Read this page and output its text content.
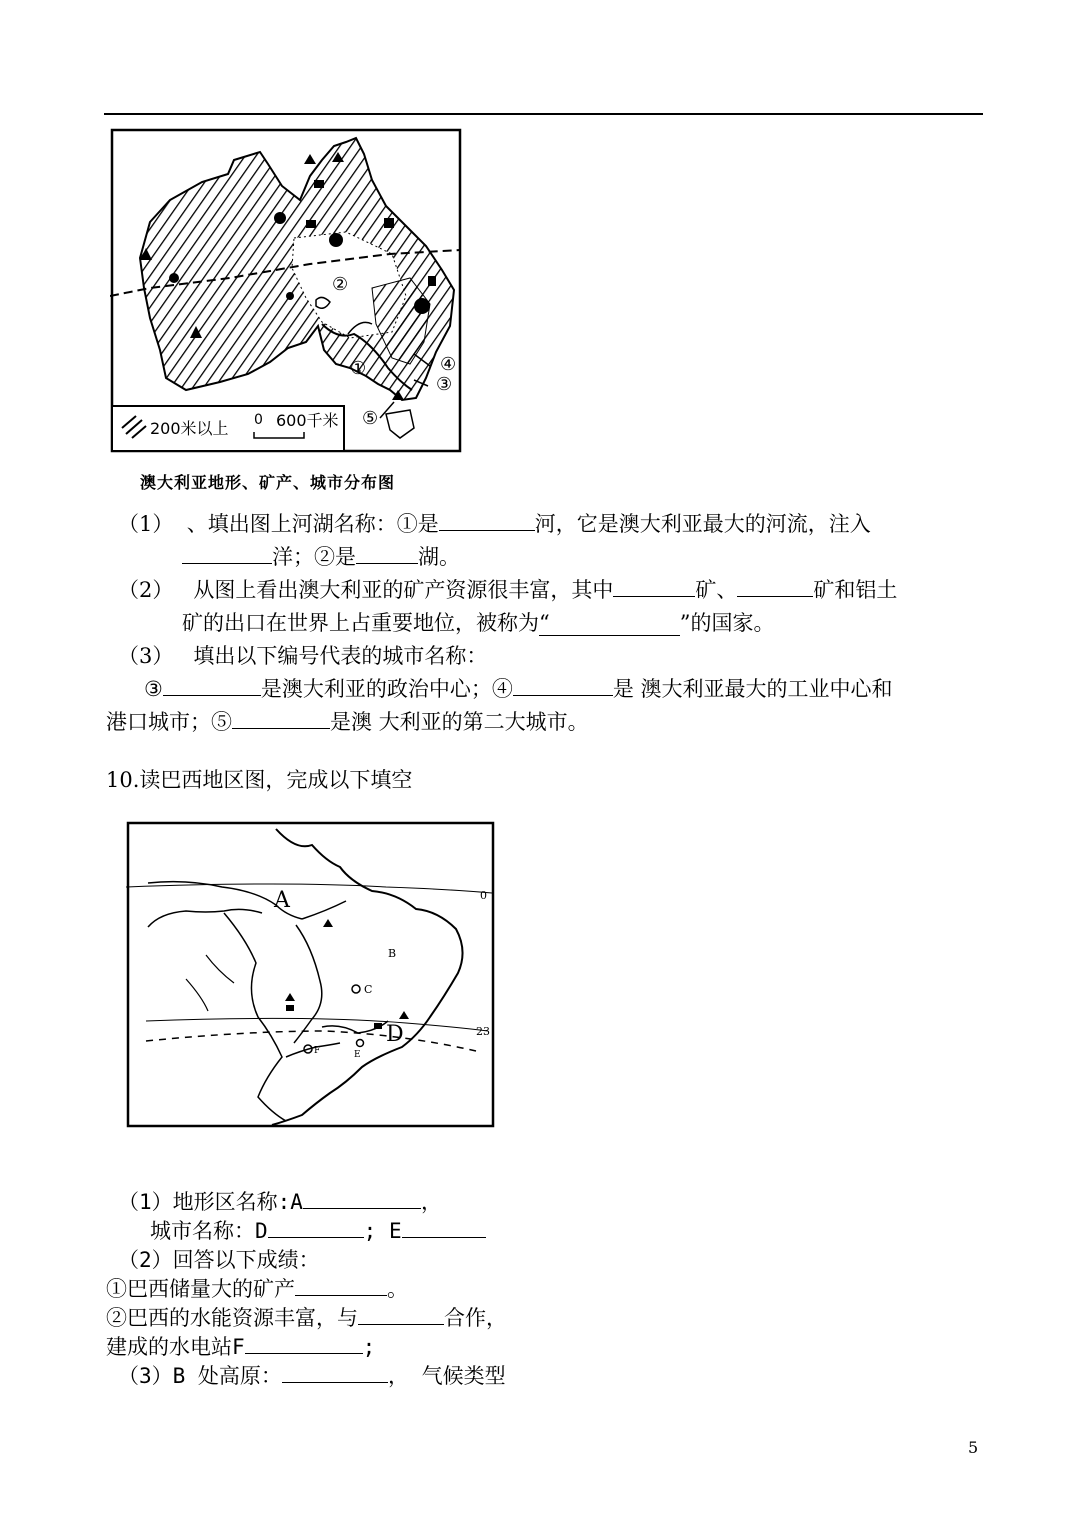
②
①	④
③
⑤
200米以上 0 600千米
澳大利亚地形、矿产、城市分布图
（1） 、填出图上河湖名称：①是	河，它是澳大利亚最大的河流，注入
洋；②是	湖。
（2） 从图上看出澳大利亚的矿产资源很丰富，其中	矿、	矿和铝土
矿的出口在世界上占重要地位，被称为“	”的国家。
（3） 填出以下编号代表的城市名称：
③	是澳大利亚的政治中心；④	是 澳大利亚最大的工业中心和
港口城市；⑤	是澳 大利亚的第二大城市。
10.读巴西地区图，完成以下填空
A
B
C
D
E
F
0
23
（1）地形区名称:A	，
城市名称：D	; E
（2）回答以下成绩：
①巴西储量大的矿产	。
②巴西的水能资源丰富，与	合作，
建成的水电站F	;
（3）B 处高原：	， 气候类型
5
